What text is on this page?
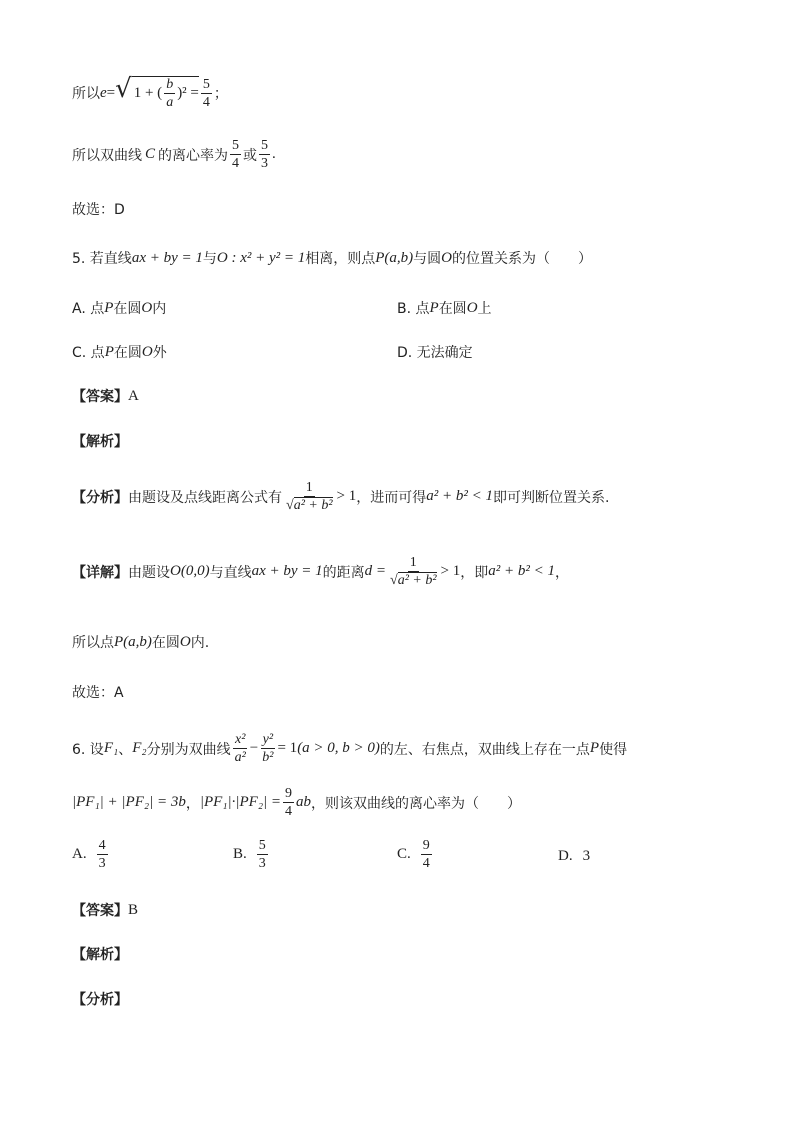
所以 e = √ 1 + ( $\frac{b}{a} )^2 = \frac{5}{4}$ ；
所以双曲线 C 的离心率为 $\frac{5}{4}$ 或 $\frac{5}{3}$ .
故选：D
5. 若直线 ax + by = 1 与 O : x² + y² = 1 相离，则点 P(a,b) 与圆 O 的位置关系为（　　）
A. 点 P 在圆 O 内	B. 点 P 在圆 O 上
C. 点 P 在圆 O 外	D. 无法确定
【答案】 A
【解析】
【分析】 由题设及点线距离公式有 $\frac{1}{\text{√a² + b²}} > 1$ ，进而可得 a² + b² < 1 即可判断位置关系.
【详解】 由题设 O(0,0) 与直线 ax + by = 1 的距离 $d = \frac{1}{\text{√a² + b²}} > 1$ ，即 a² + b² < 1 ，
所以点 P(a,b) 在圆 O 内.
故选：A
6. 设 F₁ 、 F₂ 分别为双曲线 $\frac{\text{x²}}{\text{a²}} - \frac{\text{y²}}{\text{b²}} = 1$ (a > 0, b > 0) 的左、右焦点，双曲线上存在一点 P 使得
|PF₁| + |PF₂| = 3b ， $|PF_1|\cdot|PF_2| = \frac{9}{4}$ ab ，则该双曲线的离心率为（　　）
A. $\frac{4}{3}$	B. $\frac{5}{3}$	C. $\frac{9}{4}$	D. 3
【答案】 B
【解析】
【分析】
